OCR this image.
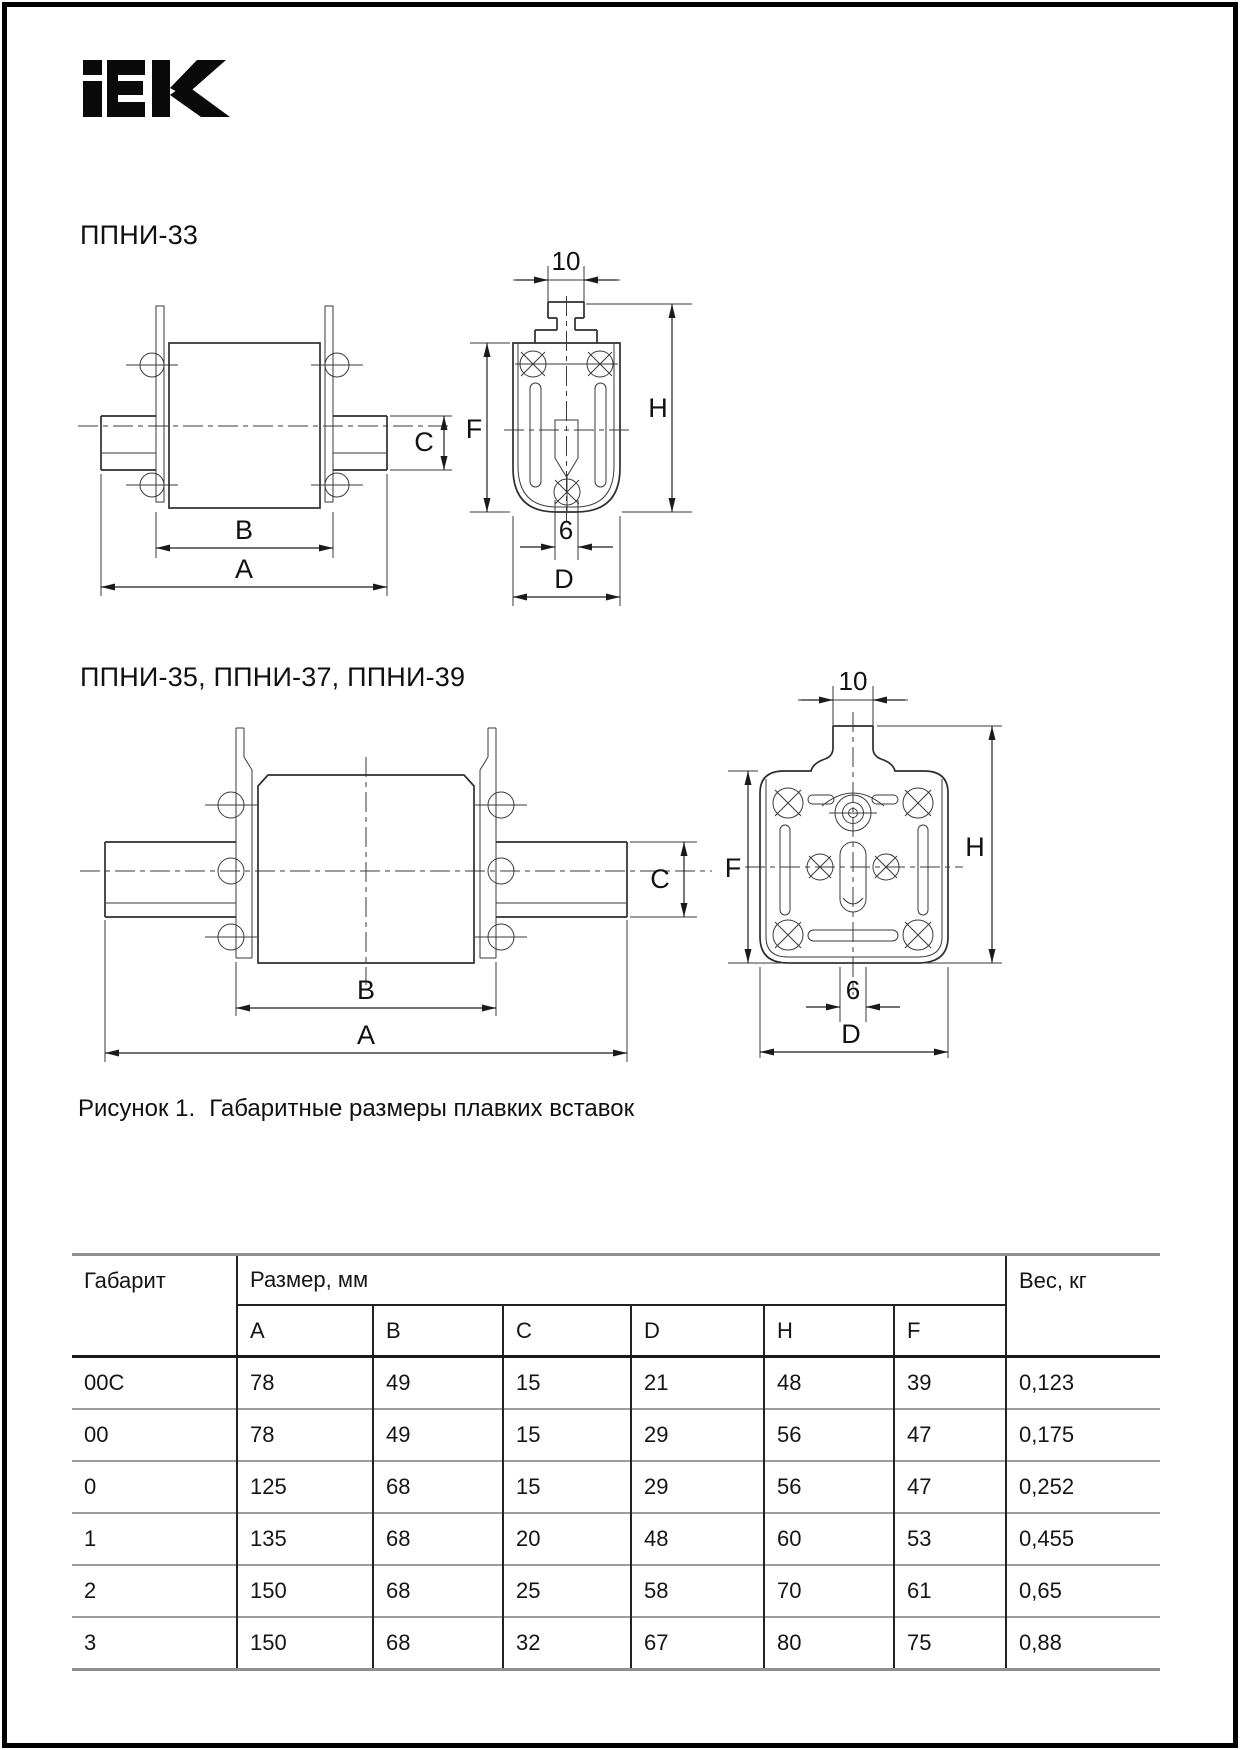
ППНИ-33
C
B
A
10
F
H
6
D
ППНИ-35, ППНИ-37, ППНИ-39
C
B
A
10
F
H
6
D
Рисунок 1. Габаритные размеры плавких вставок
Габарит	Размер, мм						Вес, кг
	A	B	C	D	H	F	
00C	78	49	15	21	48	39	0,123
00	78	49	15	29	56	47	0,175
0	125	68	15	29	56	47	0,252
1	135	68	20	48	60	53	0,455
2	150	68	25	58	70	61	0,65
3	150	68	32	67	80	75	0,88
